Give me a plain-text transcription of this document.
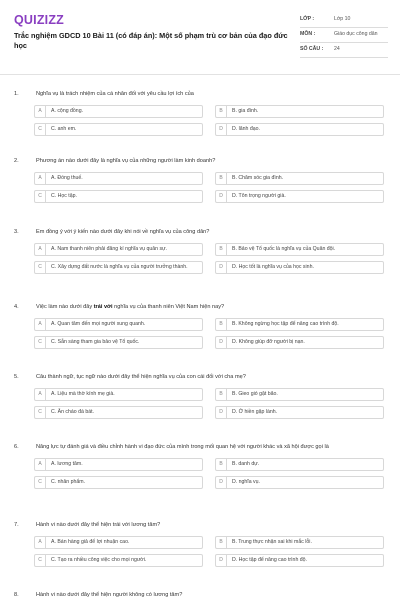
QUIZIZZ
Trắc nghiệm GDCD 10 Bài 11 (có đáp án): Một số phạm trù cơ bản của đạo đức học
LỚP :	Lớp 10
MÔN :	Giáo dục công dân
SỐ CÂU :	24
1.	Nghĩa vụ là trách nhiệm của cá nhân đối với yêu cầu lợi ích của
A	A. cộng đồng.	B	B. gia đình.
C	C. anh em.	D	D. lãnh đạo.
2.	Phương án nào dưới đây là nghĩa vụ của những người làm kinh doanh?
A	A. Đóng thuế.	B	B. Chăm sóc gia đình.
C	C. Học tập.	D	D. Tôn trọng người già.
3.	Em đồng ý với ý kiến nào dưới đây khi nói về nghĩa vụ của công dân?
A	A. Nam thanh niên phải đăng kí nghĩa vụ quân sự.	B	B. Bảo vệ Tổ quốc là nghĩa vụ của Quân đội.
C	C. Xây dựng đất nước là nghĩa vụ của người trưởng thành.	D	D. Học tốt là nghĩa vụ của học sinh.
4.	Việc làm nào dưới đây trái với nghĩa vụ của thanh niên Việt Nam hiện nay?
A	A. Quan tâm đến mọi người xung quanh.	B	B. Không ngừng học tập để nâng cao trình độ.
C	C. Sẵn sàng tham gia bảo vệ Tổ quốc.	D	D. Không giúp đỡ người bị nạn.
5.	Câu thành ngữ, tục ngữ nào dưới đây thể hiện nghĩa vụ của con cái đối với cha mẹ?
A	A. Liệu mà thờ kính mẹ già.	B	B. Gieo gió gặt bão.
C	C. Ăn cháo đá bát.	D	D. Ở hiền gặp lành.
6.	Năng lực tự đánh giá và điều chỉnh hành vi đạo đức của mình trong mối quan hệ với người khác và xã hội được gọi là
A	A. lương tâm.	B	B. danh dự.
C	C. nhân phẩm.	D	D. nghĩa vụ.
7.	Hành vi nào dưới đây thể hiện trái với lương tâm?
A	A. Bán hàng giả để lợi nhuận cao.	B	B. Trung thực nhận sai khi mắc lỗi.
C	C. Tạo ra nhiều công việc cho mọi người.	D	D. Học tập để nâng cao trình độ.
8.	Hành vi nào dưới đây thể hiện người không có lương tâm?
